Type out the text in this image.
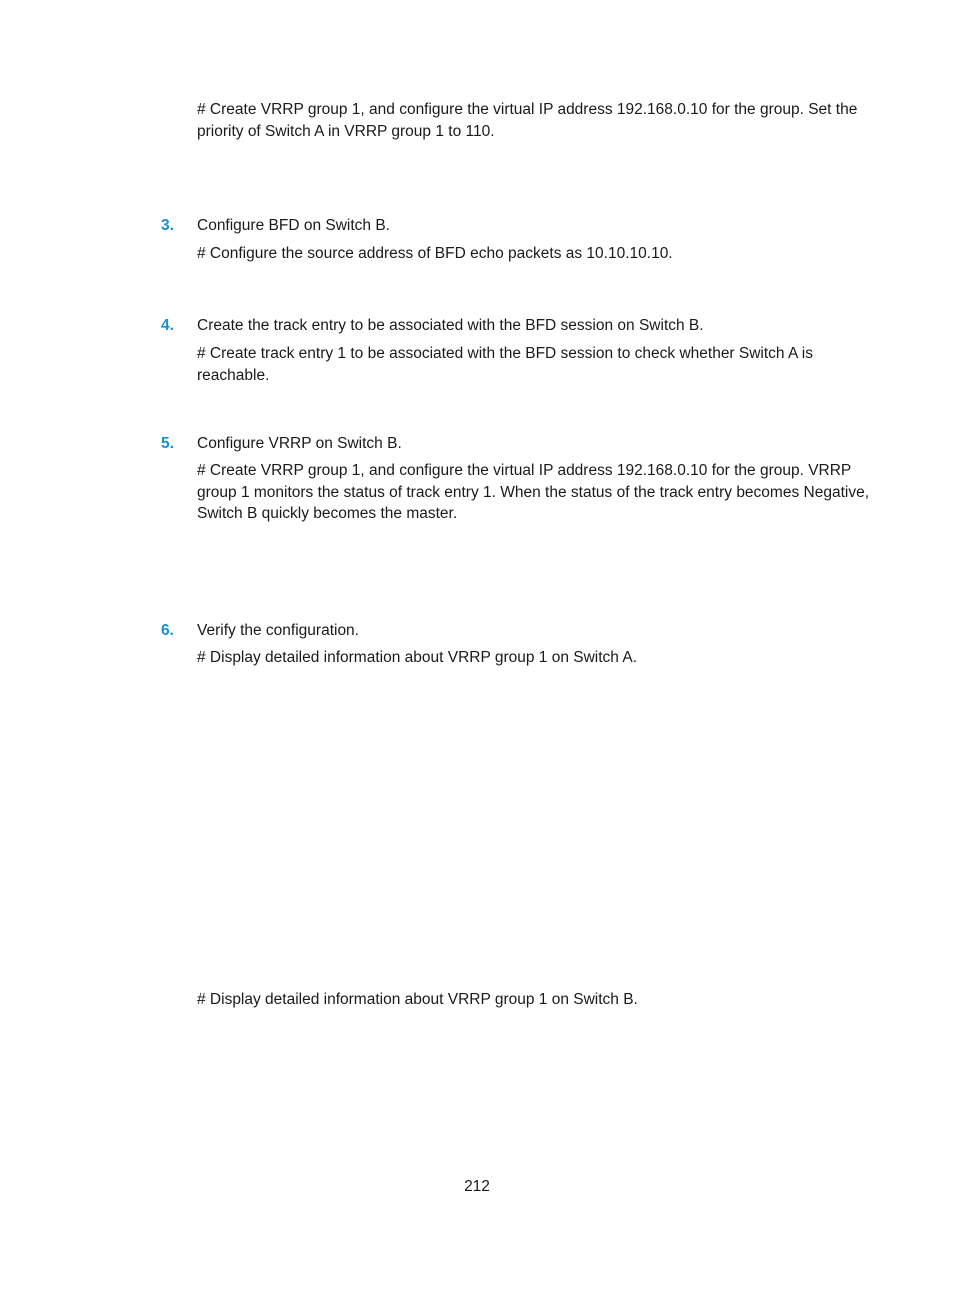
# Create VRRP group 1, and configure the virtual IP address 192.168.0.10 for the group. Set the priority of Switch A in VRRP group 1 to 110.
3. Configure BFD on Switch B.
# Configure the source address of BFD echo packets as 10.10.10.10.
4. Create the track entry to be associated with the BFD session on Switch B.
# Create track entry 1 to be associated with the BFD session to check whether Switch A is reachable.
5. Configure VRRP on Switch B.
# Create VRRP group 1, and configure the virtual IP address 192.168.0.10 for the group. VRRP group 1 monitors the status of track entry 1. When the status of the track entry becomes Negative, Switch B quickly becomes the master.
6. Verify the configuration.
# Display detailed information about VRRP group 1 on Switch A.
# Display detailed information about VRRP group 1 on Switch B.
212
